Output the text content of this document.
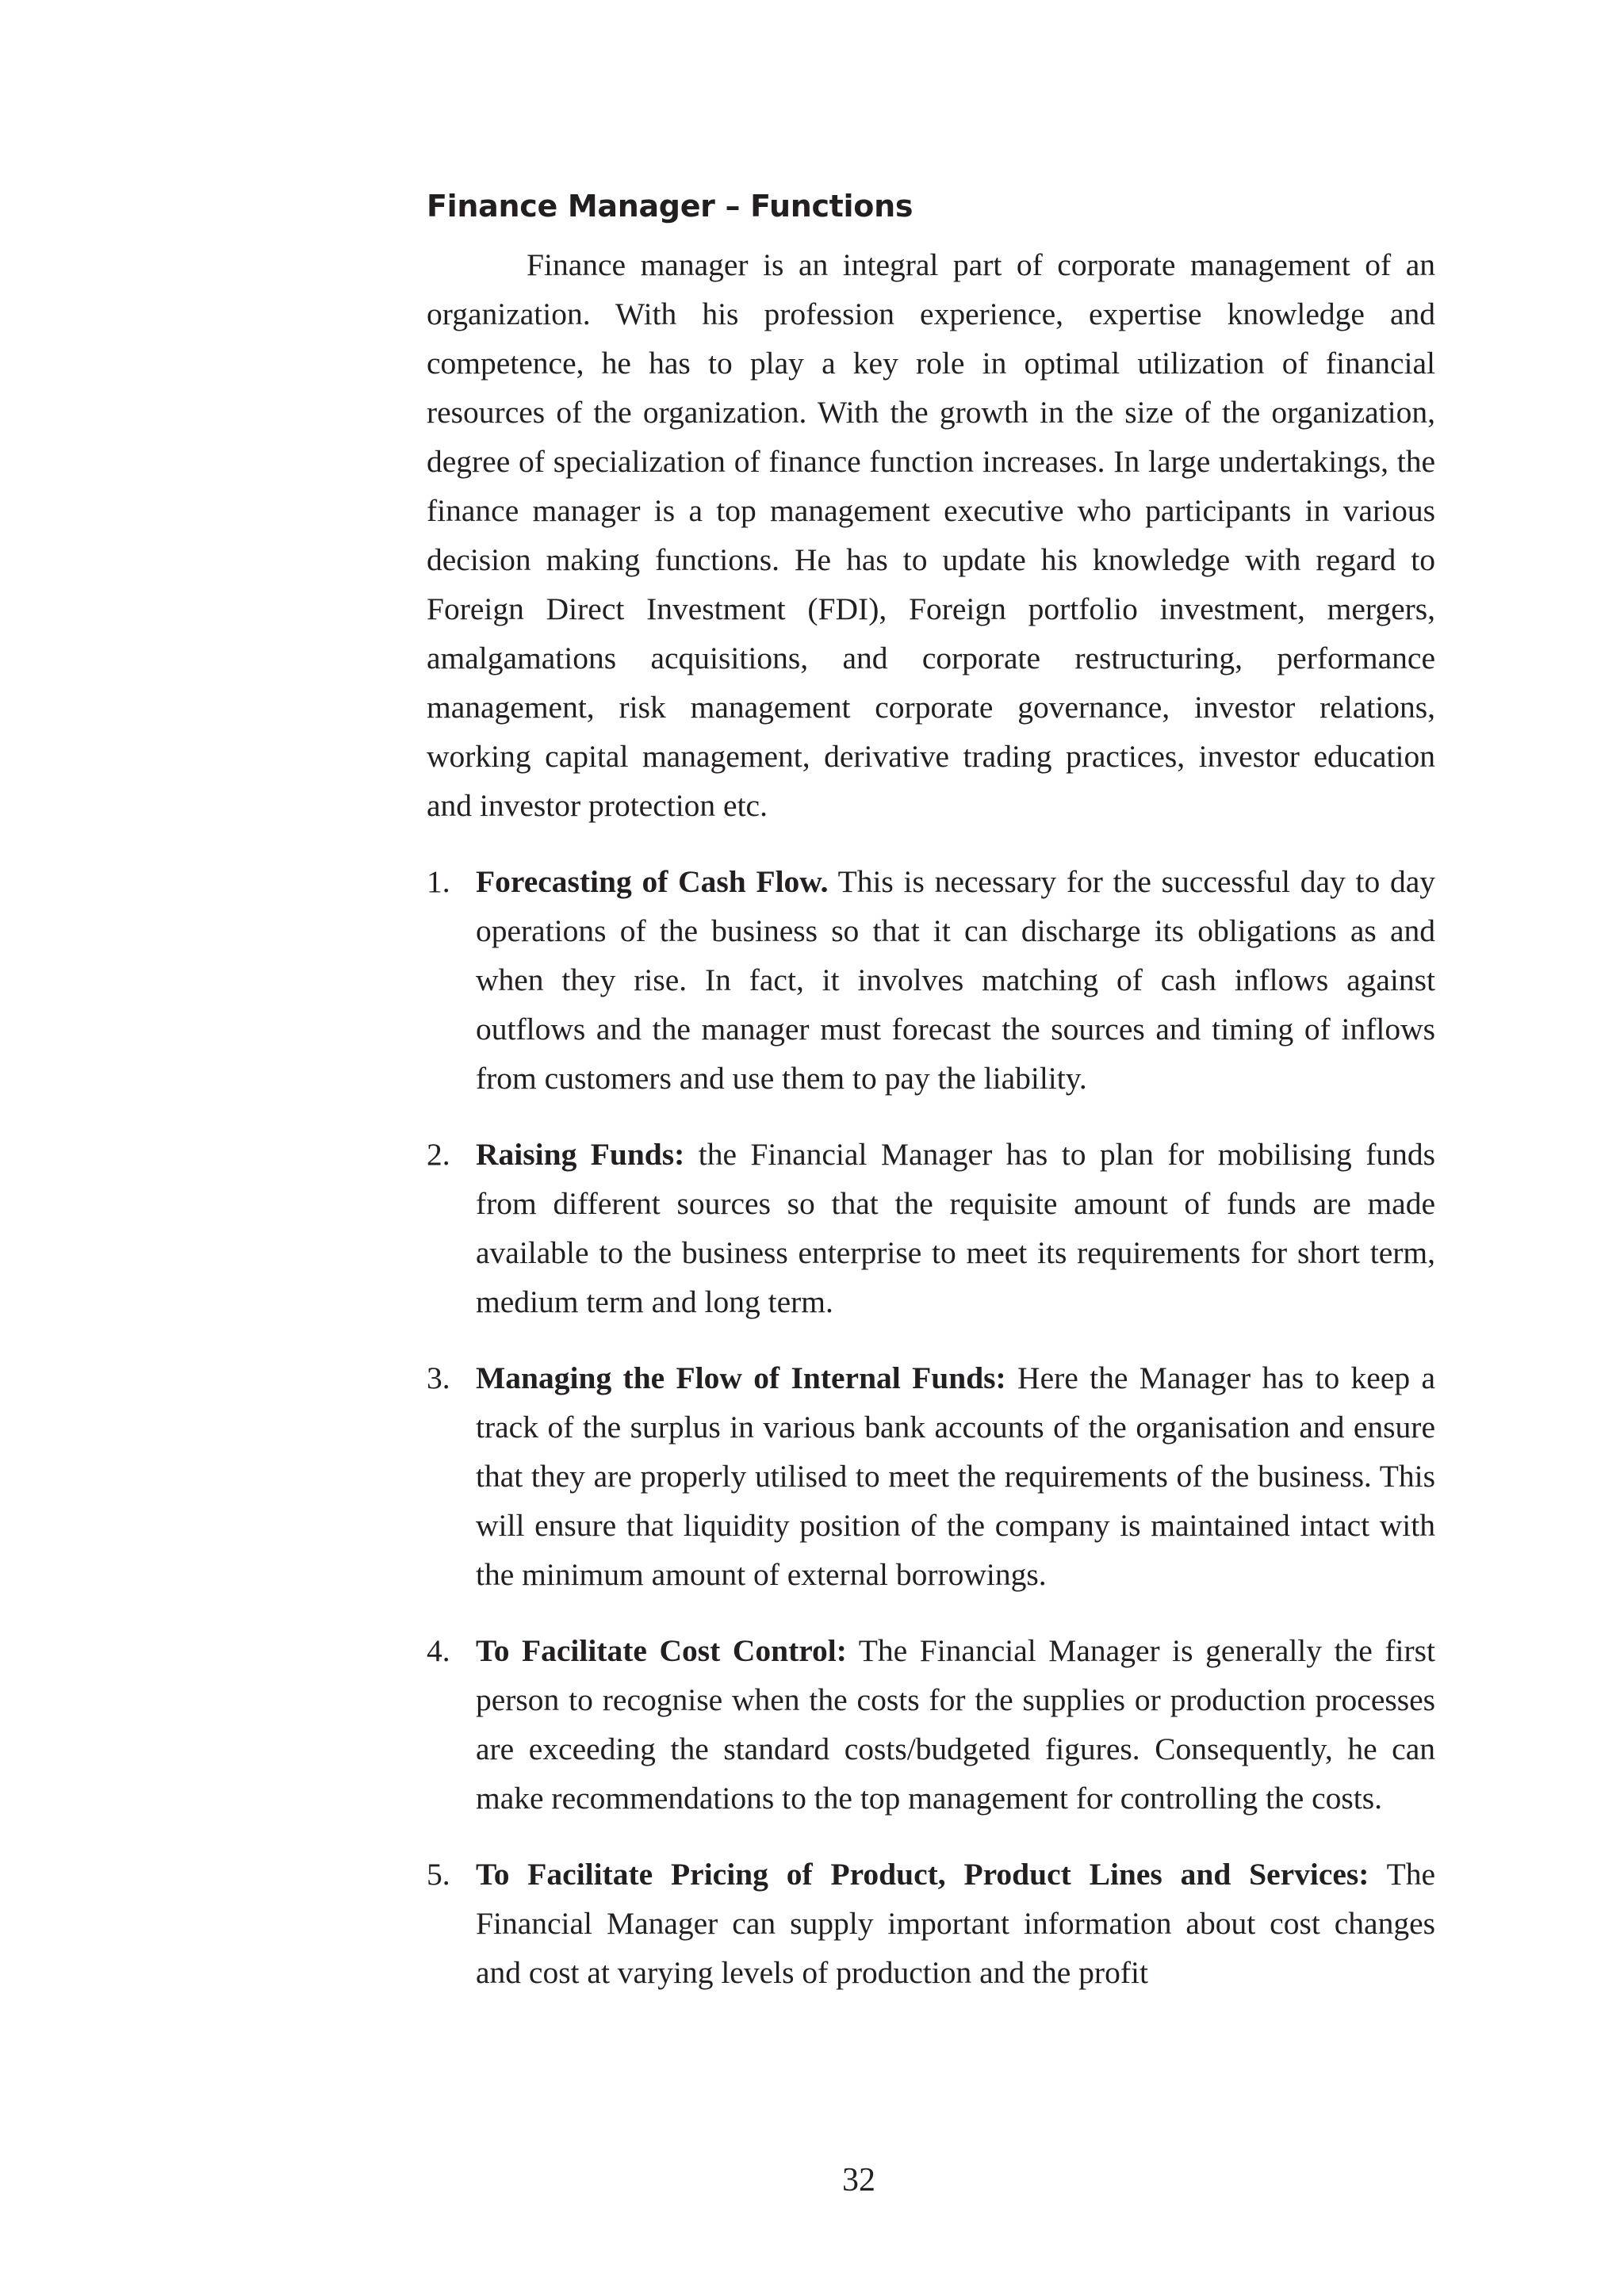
Finance Manager – Functions

Finance manager is an integral part of corporate management of an organization. With his profession experience, expertise knowledge and competence, he has to play a key role in optimal utilization of financial resources of the organization. With the growth in the size of the organization, degree of specialization of finance function increases. In large undertakings, the finance manager is a top management executive who participants in various decision making functions. He has to update his knowledge with regard to Foreign Direct Investment (FDI), Foreign portfolio investment, mergers, amalgamations acquisitions, and corporate restructuring, performance management, risk management corporate governance, investor relations, working capital management, derivative trading practices, investor education and investor protection etc.

1. Forecasting of Cash Flow. This is necessary for the successful day to day operations of the business so that it can discharge its obligations as and when they rise. In fact, it involves matching of cash inflows against outflows and the manager must forecast the sources and timing of inflows from customers and use them to pay the liability.

2. Raising Funds: the Financial Manager has to plan for mobilising funds from different sources so that the requisite amount of funds are made available to the business enterprise to meet its requirements for short term, medium term and long term.

3. Managing the Flow of Internal Funds: Here the Manager has to keep a track of the surplus in various bank accounts of the organisation and ensure that they are properly utilised to meet the requirements of the business. This will ensure that liquidity position of the company is maintained intact with the minimum amount of external borrowings.

4. To Facilitate Cost Control: The Financial Manager is generally the first person to recognise when the costs for the supplies or production processes are exceeding the standard costs/budgeted figures. Consequently, he can make recommendations to the top management for controlling the costs.

5. To Facilitate Pricing of Product, Product Lines and Services: The Financial Manager can supply important information about cost changes and cost at varying levels of production and the profit

32
